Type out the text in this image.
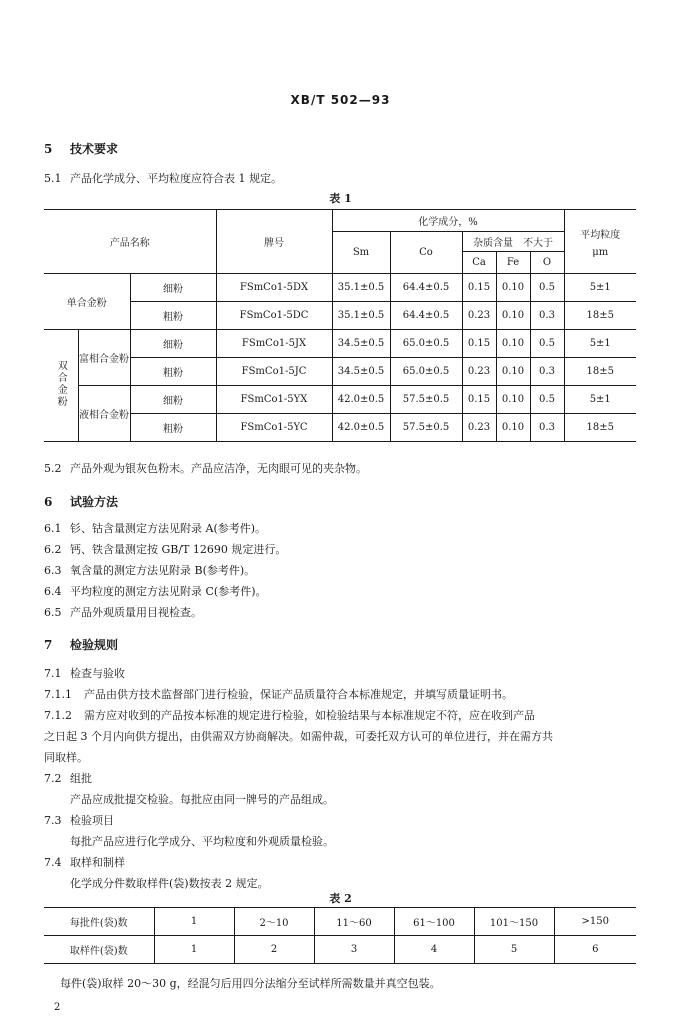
XB/T 502—93
5 技术要求
5.1 产品化学成分、平均粒度应符合表 1 规定。
表 1
产品名称			牌号	化学成分，%					平均粒度
μm

				Sm	Co	杂质含量　不大于			
						Ca	Fe	O	
单合金粉		细粉	FSmCo1-5DX	35.1±0.5	64.4±0.5	0.15	0.10	0.5	5±1
		粗粉	FSmCo1-5DC	35.1±0.5	64.4±0.5	0.23	0.10	0.3	18±5
双合金粉	富相合金粉	细粉	FSmCo1-5JX	34.5±0.5	65.0±0.5	0.15	0.10	0.5	5±1
		粗粉	FSmCo1-5JC	34.5±0.5	65.0±0.5	0.23	0.10	0.3	18±5
	液相合金粉	细粉	FSmCo1-5YX	42.0±0.5	57.5±0.5	0.15	0.10	0.5	5±1
		粗粉	FSmCo1-5YC	42.0±0.5	57.5±0.5	0.23	0.10	0.3	18±5
5.2 产品外观为银灰色粉末。产品应洁净，无肉眼可见的夹杂物。
6 试验方法
6.1 钐、钴含量测定方法见附录 A(参考件)。
6.2 钙、铁含量测定按 GB/T 12690 规定进行。
6.3 氧含量的测定方法见附录 B(参考件)。
6.4 平均粒度的测定方法见附录 C(参考件)。
6.5 产品外观质量用目视检查。
7 检验规则
7.1 检查与验收
7.1.1 产品由供方技术监督部门进行检验，保证产品质量符合本标准规定，并填写质量证明书。
7.1.2 需方应对收到的产品按本标准的规定进行检验，如检验结果与本标准规定不符，应在收到产品
之日起 3 个月内向供方提出，由供需双方协商解决。如需仲裁，可委托双方认可的单位进行，并在需方共
同取样。
7.2 组批
产品应成批提交检验。每批应由同一牌号的产品组成。
7.3 检验项目
每批产品应进行化学成分、平均粒度和外观质量检验。
7.4 取样和制样
化学成分件数取样件(袋)数按表 2 规定。
表 2
每批件(袋)数	1	2～10	11～60	61～100	101～150	>150
取样件(袋)数	1	2	3	4	5	6
每件(袋)取样 20～30 g，经混匀后用四分法缩分至试样所需数量并真空包装。
2
